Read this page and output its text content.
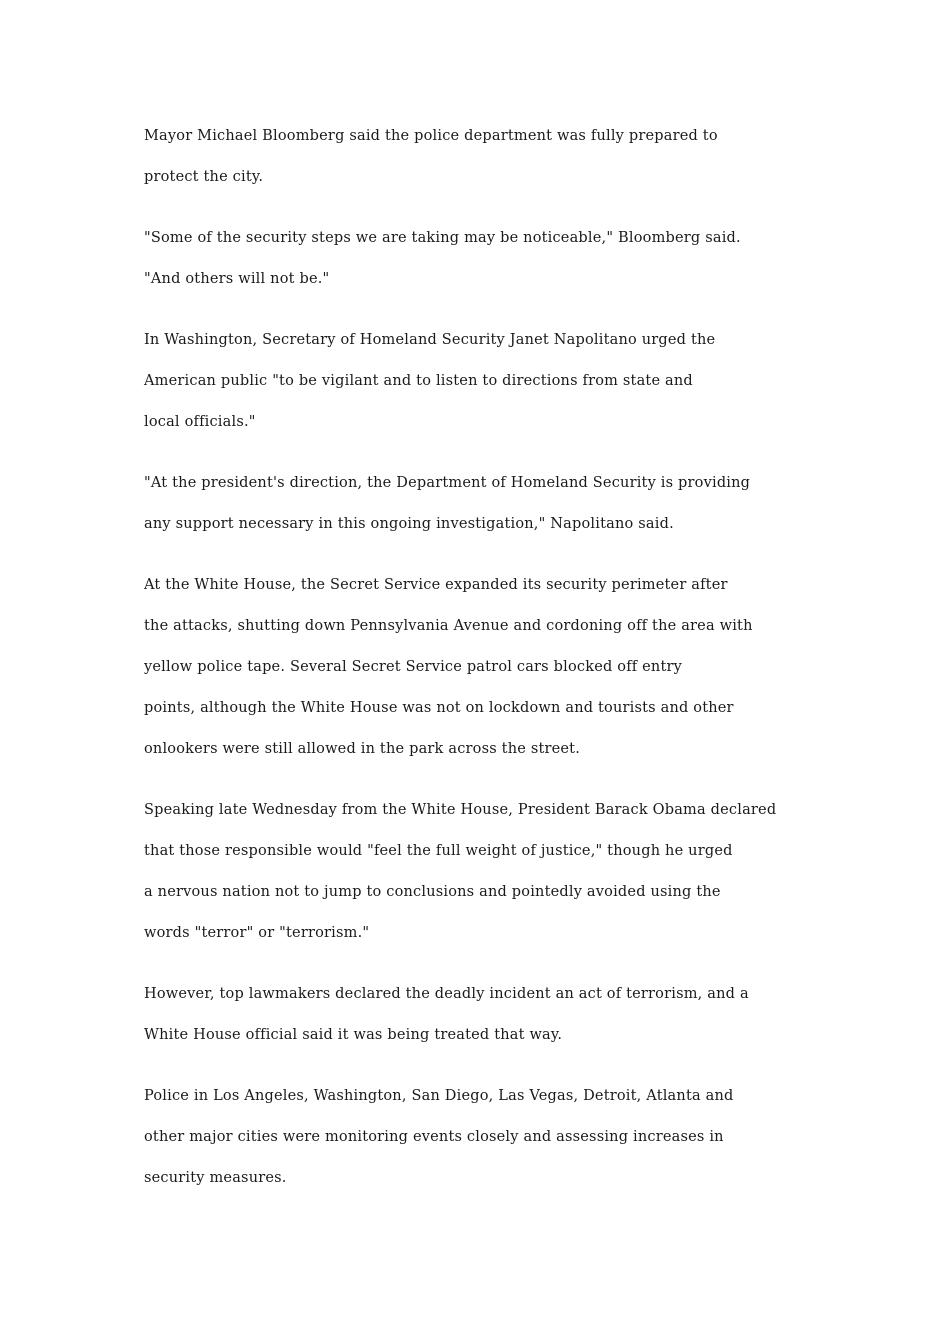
Mayor Michael Bloomberg said the police department was fully prepared to
protect the city.

"Some of the security steps we are taking may be noticeable," Bloomberg said.
"And others will not be."

In Washington, Secretary of Homeland Security Janet Napolitano urged the
American public "to be vigilant and to listen to directions from state and
local officials."

"At the president's direction, the Department of Homeland Security is providing
any support necessary in this ongoing investigation," Napolitano said.

At the White House, the Secret Service expanded its security perimeter after
the attacks, shutting down Pennsylvania Avenue and cordoning off the area with
yellow police tape. Several Secret Service patrol cars blocked off entry
points, although the White House was not on lockdown and tourists and other
onlookers were still allowed in the park across the street.

Speaking late Wednesday from the White House, President Barack Obama declared
that those responsible would "feel the full weight of justice," though he urged
a nervous nation not to jump to conclusions and pointedly avoided using the
words "terror" or "terrorism."

However, top lawmakers declared the deadly incident an act of terrorism, and a
White House official said it was being treated that way.

Police in Los Angeles, Washington, San Diego, Las Vegas, Detroit, Atlanta and
other major cities were monitoring events closely and assessing increases in
security measures.
